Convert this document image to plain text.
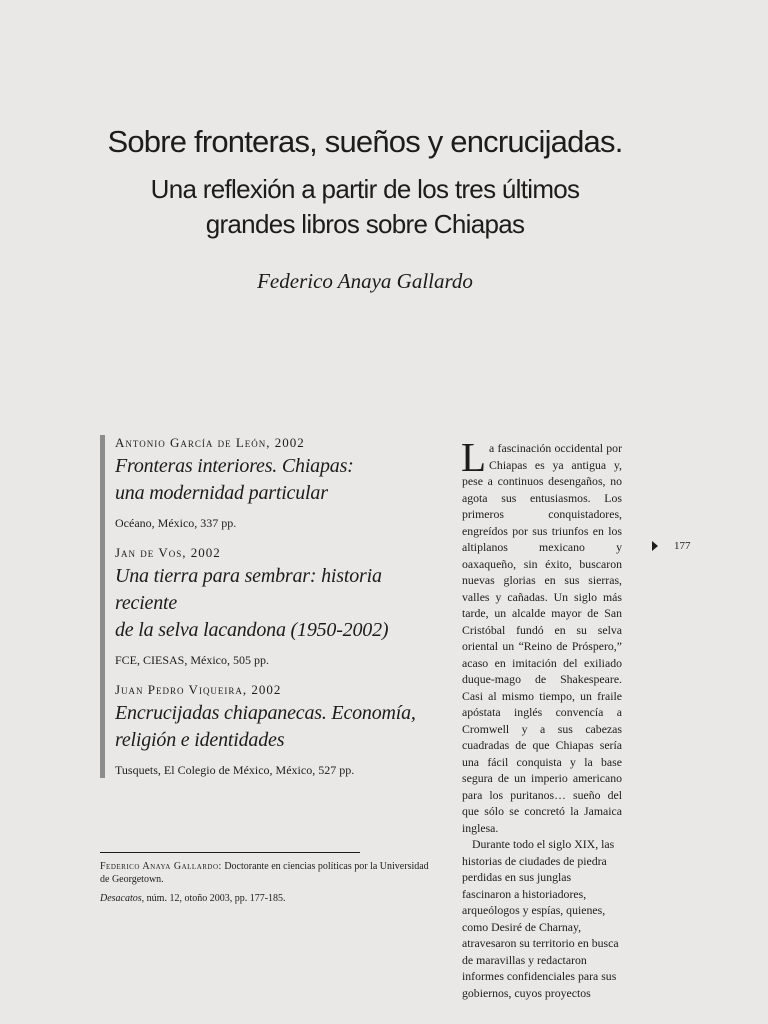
Sobre fronteras, sueños y encrucijadas.
Una reflexión a partir de los tres últimos
grandes libros sobre Chiapas
Federico Anaya Gallardo
Antonio García de León, 2002
Fronteras interiores. Chiapas:
una modernidad particular
Océano, México, 337 pp.
Jan de Vos, 2002
Una tierra para sembrar: historia reciente
de la selva lacandona (1950-2002)
FCE, CIESAS, México, 505 pp.
Juan Pedro Viqueira, 2002
Encrucijadas chiapanecas. Economía,
religión e identidades
Tusquets, El Colegio de México, México, 527 pp.

La fascinación occidental por Chiapas es ya antigua y, pese a continuos desengaños, no agota sus entusiasmos. Los primeros conquistadores, engreídos por sus triunfos en los altiplanos mexicano y oaxaqueño, sin éxito, buscaron nuevas glorias en sus sierras, valles y cañadas. Un siglo más tarde, un alcalde mayor de San Cristóbal fundó en su selva oriental un “Reino de Próspero,” acaso en imitación del exiliado duque-mago de Shakespeare. Casi al mismo tiempo, un fraile apóstata inglés convencía a Cromwell y a sus cabezas cuadradas de que Chiapas sería una fácil conquista y la base segura de un imperio americano para los puritanos… sueño del que sólo se concretó la Jamaica inglesa.

Durante todo el siglo XIX, las historias de ciudades de piedra perdidas en sus junglas fascinaron a historiadores, arqueólogos y espías, quienes, como Desiré de Charnay, atravesaron su territorio en busca de maravillas y redactaron informes confidenciales para sus gobiernos, cuyos proyectos

177
Federico Anaya Gallardo: Doctorante en ciencias políticas por la Universidad de Georgetown.
Desacatos, núm. 12, otoño 2003, pp. 177-185.
